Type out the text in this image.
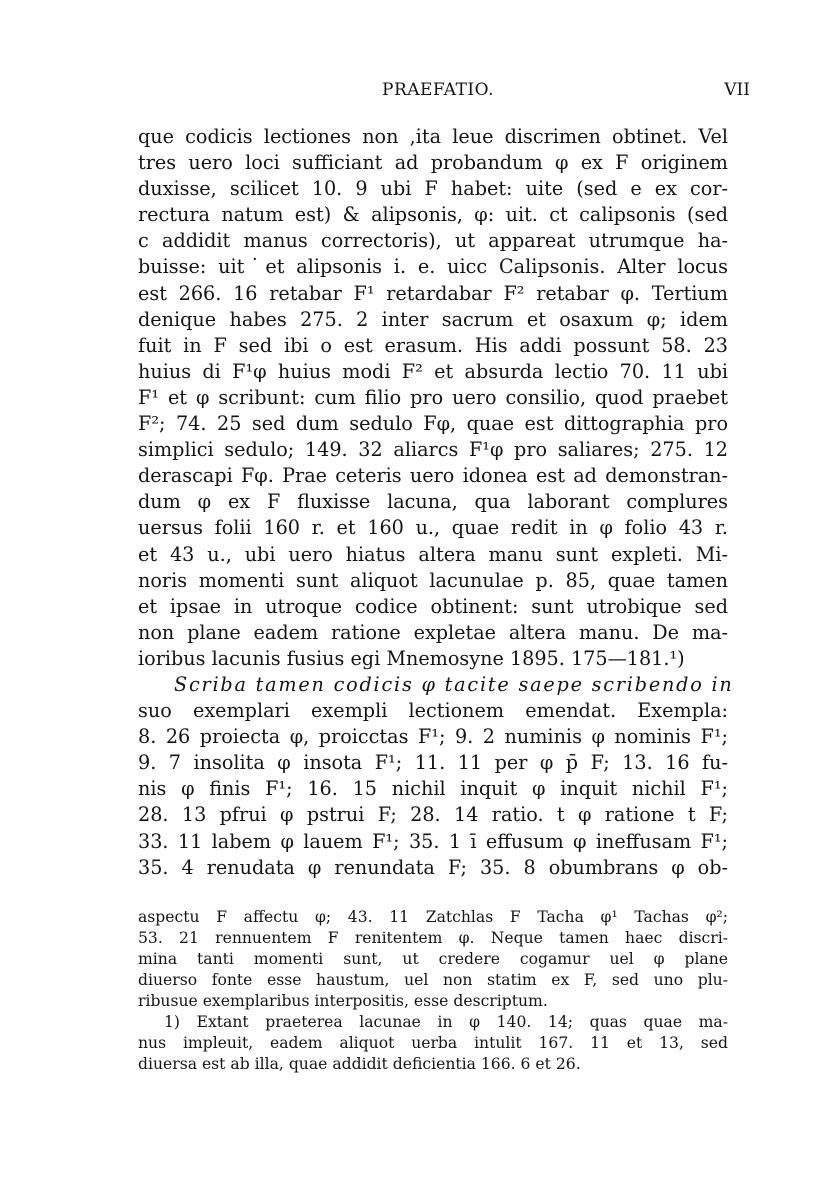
PRAEFATIO.	VII
que codicis lectiones non ,ita leue discrimen obtinet. Vel
tres uero loci sufficiant ad probandum φ ex F originem
duxisse, scilicet 10. 9 ubi F habet: uite (sed e ex cor-
rectura natum est) & alipsonis, φ: uit. ct calipsonis (sed
c addidit manus correctoris), ut appareat utrumque ha-
buisse: uit˙et alipsonis i. e. uicc Calipsonis. Alter locus
est 266. 16 retabar F¹ retardabar F² retabar φ. Tertium
denique habes 275. 2 inter sacrum et osaxum φ; idem
fuit in F sed ibi o est erasum. His addi possunt 58. 23
huius di F¹φ huius modi F² et absurda lectio 70. 11 ubi
F¹ et φ scribunt: cum filio pro uero consilio, quod praebet
F²; 74. 25 sed dum sedulo Fφ, quae est dittographia pro
simplici sedulo; 149. 32 aliarcs F¹φ pro saliares; 275. 12
derascapi Fφ. Prae ceteris uero idonea est ad demonstran-
dum φ ex F fluxisse lacuna, qua laborant complures
uersus folii 160 r. et 160 u., quae redit in φ folio 43 r.
et 43 u., ubi uero hiatus altera manu sunt expleti. Mi-
noris momenti sunt aliquot lacunulae p. 85, quae tamen
et ipsae in utroque codice obtinent: sunt utrobique sed
non plane eadem ratione expletae altera manu. De ma-
ioribus lacunis fusius egi Mnemosyne 1895. 175—181.¹)
Scriba tamen codicis φ tacite saepe scribendo in
suo exemplari exempli lectionem emendat. Exempla:
8. 26 proiecta φ, proicctas F¹; 9. 2 numinis φ nominis F¹;
9. 7 insolita φ insota F¹; 11. 11 per φ p̄ F; 13. 16 fu-
nis φ finis F¹; 16. 15 nichil inquit φ inquit nichil F¹;
28. 13 pfrui φ pstrui F; 28. 14 ratio. t φ ratione t F;
33. 11 labem φ lauem F¹; 35. 1 ī effusum φ ineffusam F¹;
35. 4 renudata φ renundata F; 35. 8 obumbrans φ ob-
aspectu F affectu φ; 43. 11 Zatchlas F Tacha φ¹ Tachas φ²;
53. 21 rennuentem F renitentem φ. Neque tamen haec discri-
mina tanti momenti sunt, ut credere cogamur uel φ plane
diuerso fonte esse haustum, uel non statim ex F, sed uno plu-
ribusue exemplaribus interpositis, esse descriptum.
1) Extant praeterea lacunae in φ 140. 14; quas quae ma-
nus impleuit, eadem aliquot uerba intulit 167. 11 et 13, sed
diuersa est ab illa, quae addidit deficientia 166. 6 et 26.
